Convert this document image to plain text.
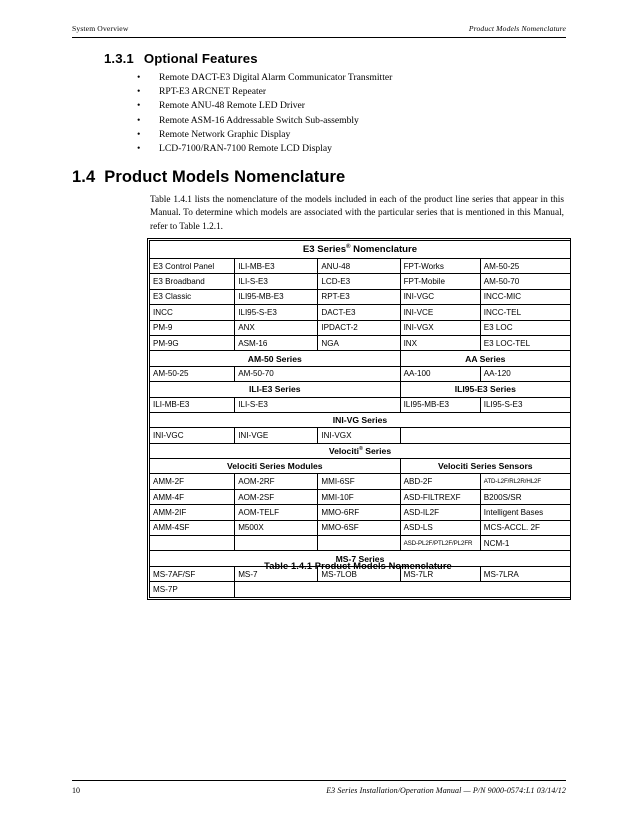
System Overview	Product Models Nomenclature
1.3.1 Optional Features
•	Remote DACT-E3 Digital Alarm Communicator Transmitter
•	RPT-E3 ARCNET Repeater
•	Remote ANU-48 Remote LED Driver
•	Remote ASM-16 Addressable Switch Sub-assembly
•	Remote Network Graphic Display
•	LCD-7100/RAN-7100 Remote LCD Display
1.4 Product Models Nomenclature
Table 1.4.1 lists the nomenclature of the models included in each of the product line series that appear in this Manual. To determine which models are associated with the particular series that is mentioned in this Manual, refer to Table 1.2.1.
E3 Series® Nomenclature				
E3 Control Panel	ILI-MB-E3	ANU-48	FPT-Works	AM-50-25
E3 Broadband	ILI-S-E3	LCD-E3	FPT-Mobile	AM-50-70
E3 Classic	ILI95-MB-E3	RPT-E3	INI-VGC	INCC-MIC
INCC	ILI95-S-E3	DACT-E3	INI-VCE	INCC-TEL
PM-9	ANX	IPDACT-2	INI-VGX	E3 LOC
PM-9G	ASM-16	NGA	INX	E3 LOC-TEL
AM-50 Series			AA Series	
AM-50-25	AM-50-70		AA-100	AA-120
ILI-E3 Series			ILI95-E3 Series	
ILI-MB-E3	ILI-S-E3		ILI95-MB-E3	ILI95-S-E3
INI-VG Series				
INI-VGC	INI-VGE	INI-VGX		
Velociti® Series				
Velociti Series Modules			Velociti Series Sensors	
AMM-2F	AOM-2RF	MMI-6SF	ABD-2F	ATD-L2F/RL2R/HL2F
AMM-4F	AOM-2SF	MMI-10F	ASD-FILTREXF	B200S/SR
AMM-2IF	AOM-TELF	MMO-6RF	ASD-IL2F	Intelligent Bases
AMM-4SF	M500X	MMO-6SF	ASD-LS	MCS-ACCL. 2F
			ASD-PL2F/PTL2F/PL2FR	NCM-1
MS-7 Series				
MS-7AF/SF	MS-7	MS-7LOB	MS-7LR	MS-7LRA
MS-7P				
Table 1.4.1 Product Models Nomenclature
10	E3 Series Installation/Operation Manual — P/N 9000-0574:L1 03/14/12
